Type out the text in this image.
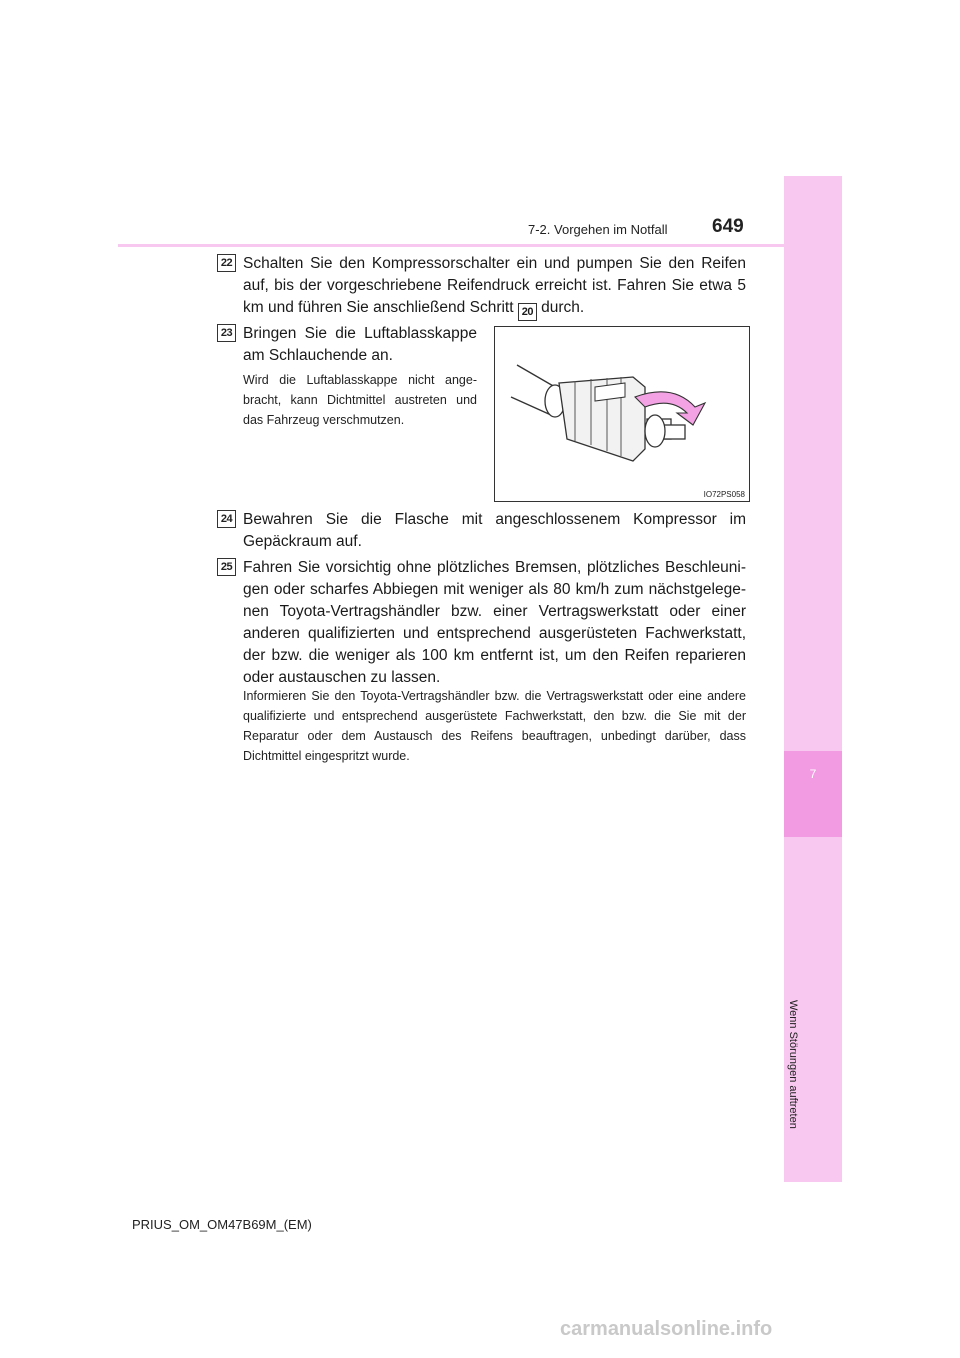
7
Wenn Störungen auftreten
7-2. Vorgehen im Notfall 649
22 Schalten Sie den Kompressorschalter ein und pumpen Sie den Reifen auf, bis der vorgeschriebene Reifendruck erreicht ist. Fahren Sie etwa 5 km und führen Sie anschließend Schritt 20 durch.
23 Bringen Sie die Luftablasskappe am Schlauchende an.
Wird die Luftablasskappe nicht angebracht, kann Dichtmittel austreten und das Fahrzeug verschmutzen.
IO72PS058
24 Bewahren Sie die Flasche mit angeschlossenem Kompressor im Gepäckraum auf.
25 Fahren Sie vorsichtig ohne plötzliches Bremsen, plötzliches Beschleunigen oder scharfes Abbiegen mit weniger als 80 km/h zum nächstgelegenen Toyota-Vertragshändler bzw. einer Vertragswerkstatt oder einer anderen qualifizierten und entsprechend ausgerüsteten Fachwerkstatt, der bzw. die weniger als 100 km entfernt ist, um den Reifen reparieren oder austauschen zu lassen.
Informieren Sie den Toyota-Vertragshändler bzw. die Vertragswerkstatt oder eine andere qualifizierte und entsprechend ausgerüstete Fachwerkstatt, den bzw. die Sie mit der Reparatur oder dem Austausch des Reifens beauftragen, unbedingt darüber, dass Dichtmittel eingespritzt wurde.
PRIUS_OM_OM47B69M_(EM)
carmanualsonline.info
